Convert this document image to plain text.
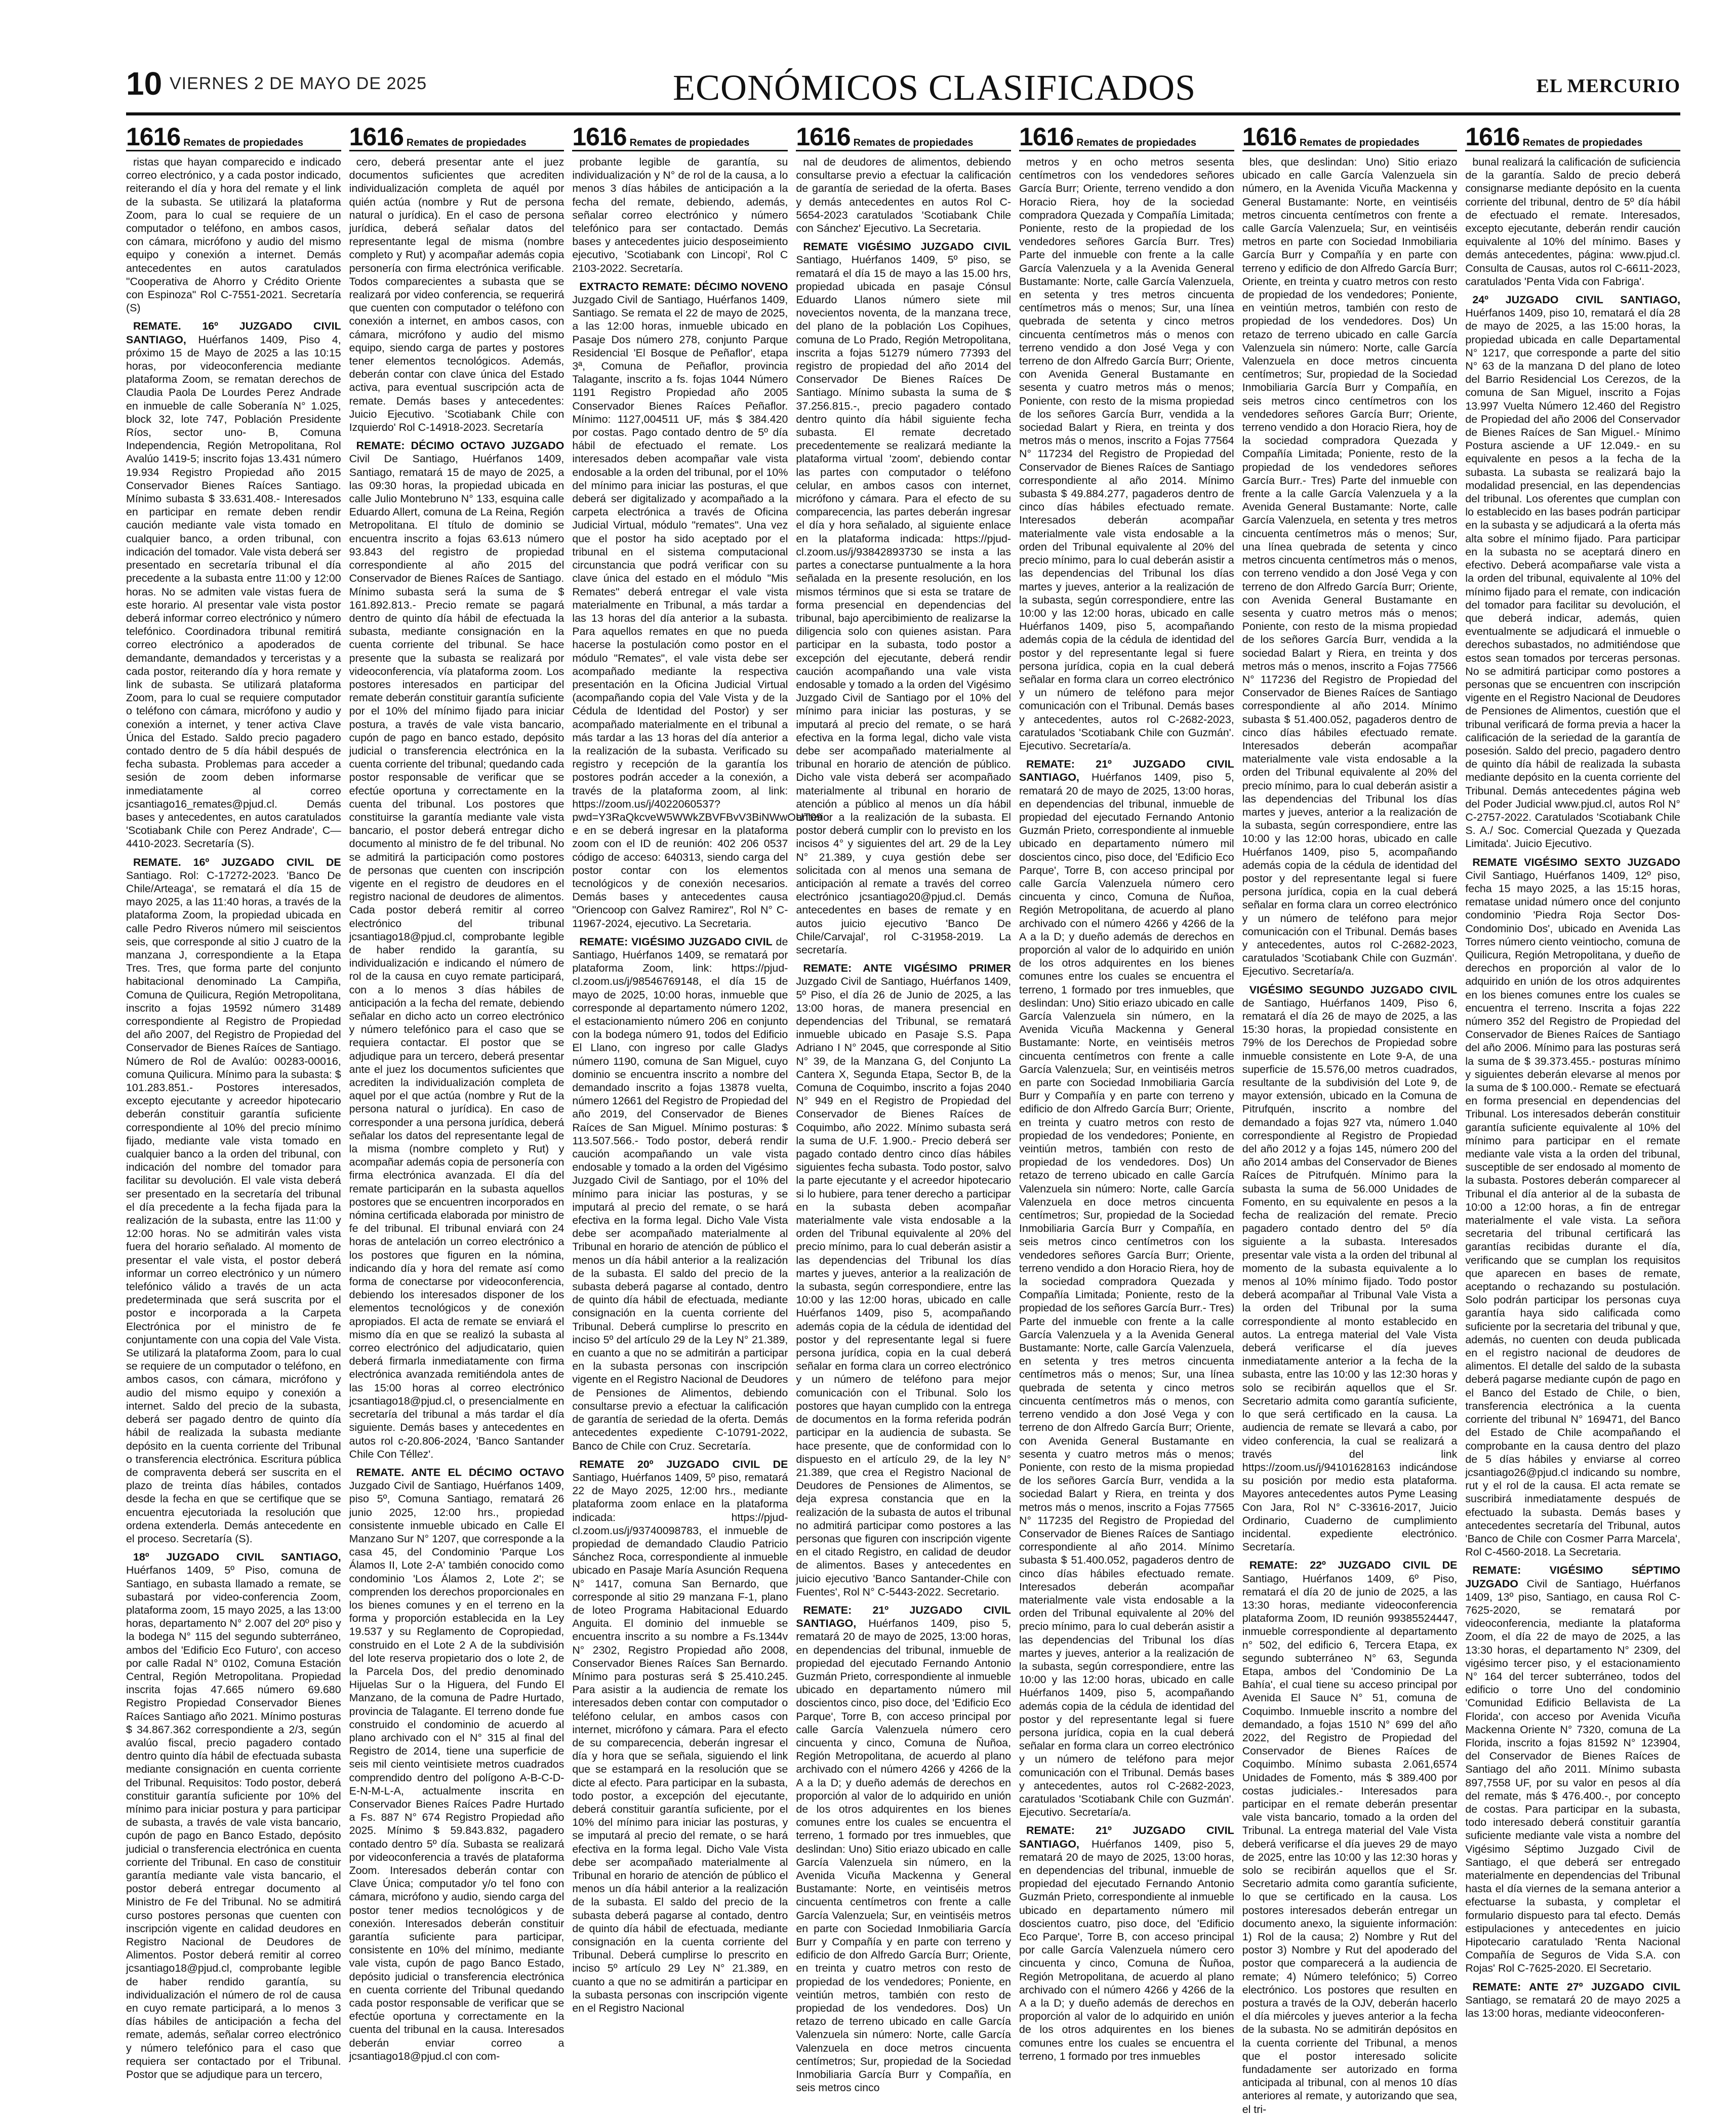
10 VIERNES 2 DE MAYO DE 2025	ECONÓMICOS CLASIFICADOS	EL MERCURIO
1616 Remates de propiedades

ristas que hayan comparecido e indicado correo electrónico, y a cada postor indicado, reiterando el día y hora del remate y el link de la subasta. Se utilizará la plataforma Zoom, para lo cual se requiere de un computador o teléfono, en ambos casos, con cámara, micrófono y audio del mismo equipo y conexión a internet. Demás antecedentes en autos caratulados "Cooperativa de Ahorro y Crédito Oriente con Espinoza" Rol C-7551-2021. Secretaría (S)

REMATE. 16º JUZGADO CIVIL SANTIAGO, Huérfanos 1409, Piso 4, próximo 15 de Mayo de 2025 a las 10:15 horas, por videoconferencia mediante plataforma Zoom, se rematan derechos de Claudia Paola De Lourdes Perez Andrade en inmueble de calle Soberanía N° 1.025, block 32, lote 747, Población Presidente Ríos, sector uno- B, Comuna Independencia, Región Metropolitana, Rol Avalúo 1419-5; inscrito fojas 13.431 número 19.934 Registro Propiedad año 2015 Conservador Bienes Raíces Santiago. Mínimo subasta $ 33.631.408.- Interesados en participar en remate deben rendir caución mediante vale vista tomado en cualquier banco, a orden tribunal, con indicación del tomador. Vale vista deberá ser presentado en secretaría tribunal el día precedente a la subasta entre 11:00 y 12:00 horas. No se admiten vale vistas fuera de este horario. Al presentar vale vista postor deberá informar correo electrónico y número telefónico. Coordinadora tribunal remitirá correo electrónico a apoderados de demandante, demandados y terceristas y a cada postor, reiterando día y hora remate y link de subasta. Se utilizará plataforma Zoom, para lo cual se requiere computador o teléfono con cámara, micrófono y audio y conexión a internet, y tener activa Clave Única del Estado. Saldo precio pagadero contado dentro de 5 día hábil después de fecha subasta. Problemas para acceder a sesión de zoom deben informarse inmediatamente al correo jcsantiago16_remates@pjud.cl. Demás bases y antecedentes, en autos caratulados 'Scotiabank Chile con Perez Andrade', C—4410-2023. Secretaría (S).

REMATE. 16º JUZGADO CIVIL DE Santiago. Rol: C-17272-2023. 'Banco De Chile/Arteaga', se rematará el día 15 de mayo 2025, a las 11:40 horas, a través de la plataforma Zoom, la propiedad ubicada en calle Pedro Riveros número mil seiscientos seis, que corresponde al sitio J cuatro de la manzana J, correspondiente a la Etapa Tres. Tres, que forma parte del conjunto habitacional denominado La Campiña, Comuna de Quilicura, Región Metropolitana, inscrito a fojas 19592 número 31489 correspondiente al Registro de Propiedad del año 2007, del Registro de Propiedad del Conservador de Bienes Raíces de Santiago. Número de Rol de Avalúo: 00283-00016, comuna Quilicura. Mínimo para la subasta: $ 101.283.851.- Postores interesados, excepto ejecutante y acreedor hipotecario deberán constituir garantía suficiente correspondiente al 10% del precio mínimo fijado, mediante vale vista tomado en cualquier banco a la orden del tribunal, con indicación del nombre del tomador para facilitar su devolución. El vale vista deberá ser presentado en la secretaría del tribunal el día precedente a la fecha fijada para la realización de la subasta, entre las 11:00 y 12:00 horas. No se admitirán vales vista fuera del horario señalado. Al momento de presentar el vale vista, el postor deberá informar un correo electrónico y un número telefónico válido a través de un acta predeterminada que será suscrita por el postor e incorporada a la Carpeta Electrónica por el ministro de fe conjuntamente con una copia del Vale Vista. Se utilizará la plataforma Zoom, para lo cual se requiere de un computador o teléfono, en ambos casos, con cámara, micrófono y audio del mismo equipo y conexión a internet. Saldo del precio de la subasta, deberá ser pagado dentro de quinto día hábil de realizada la subasta mediante depósito en la cuenta corriente del Tribunal o transferencia electrónica. Escritura pública de compraventa deberá ser suscrita en el plazo de treinta días hábiles, contados desde la fecha en que se certifique que se encuentra ejecutoriada la resolución que ordena extenderla. Demás antecedente en el proceso. Secretaría (S).

18º JUZGADO CIVIL SANTIAGO, Huérfanos 1409, 5º Piso, comuna de Santiago, en subasta llamado a remate, se subastará por video-conferencia Zoom, plataforma zoom, 15 mayo 2025, a las 13:00 horas, departamento N° 2.007 del 20º piso y la bodega N° 115 del segundo subterráneo, ambos del 'Edificio Eco Futuro', con acceso por calle Radal N° 0102, Comuna Estación Central, Región Metropolitana. Propiedad inscrita fojas 47.665 número 69.680 Registro Propiedad Conservador Bienes Raíces Santiago año 2021. Mínimo posturas $ 34.867.362 correspondiente a 2/3, según avalúo fiscal, precio pagadero contado dentro quinto día hábil de efectuada subasta mediante consignación en cuenta corriente del Tribunal. Requisitos: Todo postor, deberá constituir garantía suficiente por 10% del mínimo para iniciar postura y para participar de subasta, a través de vale vista bancario, cupón de pago en Banco Estado, depósito judicial o transferencia electrónica en cuenta corriente del Tribunal. En caso de constituir garantía mediante vale vista bancario, el postor deberá entregar documento al Ministro de Fe del Tribunal. No se admitirá curso postores personas que cuenten con inscripción vigente en calidad deudores en Registro Nacional de Deudores de Alimentos. Postor deberá remitir al correo jcsantiago18@pjud.cl, comprobante legible de haber rendido garantía, su individualización el número de rol de causa en cuyo remate participará, a lo menos 3 días hábiles de anticipación a fecha del remate, además, señalar correo electrónico y número telefónico para el caso que requiera ser contactado por el Tribunal. Postor que se adjudique para un tercero,

1616 Remates de propiedades

cero, deberá presentar ante el juez documentos suficientes que acrediten individualización completa de aquél por quién actúa (nombre y Rut de persona natural o jurídica). En el caso de persona jurídica, deberá señalar datos del representante legal de misma (nombre completo y Rut) y acompañar además copia personería con firma electrónica verificable. Todos comparecientes a subasta que se realizará por video conferencia, se requerirá que cuenten con computador o teléfono con conexión a internet, en ambos casos, con cámara, micrófono y audio del mismo equipo, siendo carga de partes y postores tener elementos tecnológicos. Además, deberán contar con clave única del Estado activa, para eventual suscripción acta de remate. Demás bases y antecedentes: Juicio Ejecutivo. 'Scotiabank Chile con Izquierdo' Rol C-14918-2023. Secretaría

REMATE: DÉCIMO OCTAVO JUZGADO Civil De Santiago, Huérfanos 1409, Santiago, rematará 15 de mayo de 2025, a las 09:30 horas, la propiedad ubicada en calle Julio Montebruno N° 133, esquina calle Eduardo Allert, comuna de La Reina, Región Metropolitana. El título de dominio se encuentra inscrito a fojas 63.613 número 93.843 del registro de propiedad correspondiente al año 2015 del Conservador de Bienes Raíces de Santiago. Mínimo subasta será la suma de $ 161.892.813.- Precio remate se pagará dentro de quinto día hábil de efectuada la subasta, mediante consignación en la cuenta corriente del tribunal. Se hace presente que la subasta se realizará por videoconferencia, vía plataforma zoom. Los postores interesados en participar del remate deberán constituir garantía suficiente por el 10% del mínimo fijado para iniciar postura, a través de vale vista bancario, cupón de pago en banco estado, depósito judicial o transferencia electrónica en la cuenta corriente del tribunal; quedando cada postor responsable de verificar que se efectúe oportuna y correctamente en la cuenta del tribunal. Los postores que constituirse la garantía mediante vale vista bancario, el postor deberá entregar dicho documento al ministro de fe del tribunal. No se admitirá la participación como postores de personas que cuenten con inscripción vigente en el registro de deudores en el registro nacional de deudores de alimentos. Cada postor deberá remitir al correo electrónico del tribunal jcsantiago18@pjud.cl, comprobante legible de haber rendido la garantía, su individualización e indicando el número de rol de la causa en cuyo remate participará, con a lo menos 3 días hábiles de anticipación a la fecha del remate, debiendo señalar en dicho acto un correo electrónico y número telefónico para el caso que se requiera contactar. El postor que se adjudique para un tercero, deberá presentar ante el juez los documentos suficientes que acrediten la individualización completa de aquel por el que actúa (nombre y Rut de la persona natural o jurídica). En caso de corresponder a una persona jurídica, deberá señalar los datos del representante legal de la misma (nombre completo y Rut) y acompañar además copia de personería con firma electrónica avanzada. El día del remate participarán en la subasta aquellos postores que se encuentren incorporados en nómina certificada elaborada por ministro de fe del tribunal. El tribunal enviará con 24 horas de antelación un correo electrónico a los postores que figuren en la nómina, indicando día y hora del remate así como forma de conectarse por videoconferencia, debiendo los interesados disponer de los elementos tecnológicos y de conexión apropiados. El acta de remate se enviará el mismo día en que se realizó la subasta al correo electrónico del adjudicatario, quien deberá firmarla inmediatamente con firma electrónica avanzada remitiéndola antes de las 15:00 horas al correo electrónico jcsantiago18@pjud.cl, o presencialmente en secretaría del tribunal a más tardar el día siguiente. Demás bases y antecedentes en autos rol c-20.806-2024, 'Banco Santander Chile Con Téllez'.

REMATE. ANTE EL DÉCIMO OCTAVO Juzgado Civil de Santiago, Huérfanos 1409, piso 5º, Comuna Santiago, rematará 26 junio 2025, 12:00 hrs., propiedad consistente inmueble ubicado en Calle El Manzano Sur N° 1207, que corresponde a la casa 45, del Condominio 'Parque Los Álamos II, Lote 2-A' también conocido como condominio 'Los Álamos 2, Lote 2'; se comprenden los derechos proporcionales en los bienes comunes y en el terreno en la forma y proporción establecida en la Ley 19.537 y su Reglamento de Copropiedad, construido en el Lote 2 A de la subdivisión del lote reserva propietario dos o lote 2, de la Parcela Dos, del predio denominado Hijuelas Sur o la Higuera, del Fundo El Manzano, de la comuna de Padre Hurtado, provincia de Talagante. El terreno donde fue construido el condominio de acuerdo al plano archivado con el N° 315 al final del Registro de 2014, tiene una superficie de seis mil ciento veintisiete metros cuadrados comprendido dentro del polígono A-B-C-D-E-N-M-L-A, actualmente inscrita en Conservador Bienes Raíces Padre Hurtado a Fs. 887 N° 674 Registro Propiedad año 2025. Mínimo $ 59.843.832, pagadero contado dentro 5º día. Subasta se realizará por videoconferencia a través de plataforma Zoom. Interesados deberán contar con Clave Única; computador y/o tel fono con cámara, micrófono y audio, siendo carga del postor tener medios tecnológicos y de conexión. Interesados deberán constituir garantía suficiente para participar, consistente en 10% del mínimo, mediante vale vista, cupón de pago Banco Estado, depósito judicial o transferencia electrónica en cuenta corriente del Tribunal quedando cada postor responsable de verificar que se efectúe oportuna y correctamente en la cuenta del tribunal en la causa. Interesados deberán enviar correo a jcsantiago18@pjud.cl con com-

1616 Remates de propiedades

probante legible de garantía, su individualización y N° de rol de la causa, a lo menos 3 días hábiles de anticipación a la fecha del remate, debiendo, además, señalar correo electrónico y número telefónico para ser contactado. Demás bases y antecedentes juicio desposeimiento ejecutivo, 'Scotiabank con Lincopi', Rol C 2103-2022. Secretaría.

EXTRACTO REMATE: DÉCIMO NOVENO Juzgado Civil de Santiago, Huérfanos 1409, Santiago. Se remata el 22 de mayo de 2025, a las 12:00 horas, inmueble ubicado en Pasaje Dos número 278, conjunto Parque Residencial 'El Bosque de Peñaflor', etapa 3ª, Comuna de Peñaflor, provincia Talagante, inscrito a fs. fojas 1044 Número 1191 Registro Propiedad año 2005 Conservador Bienes Raíces Peñaflor. Mínimo: 1127,004511 UF, más $ 384.420 por costas. Pago contado dentro de 5º día hábil de efectuado el remate. Los interesados deben acompañar vale vista endosable a la orden del tribunal, por el 10% del mínimo para iniciar las posturas, el que deberá ser digitalizado y acompañado a la carpeta electrónica a través de Oficina Judicial Virtual, módulo "remates". Una vez que el postor ha sido aceptado por el tribunal en el sistema computacional circunstancia que podrá verificar con su clave única del estado en el módulo "Mis Remates" deberá entregar el vale vista materialmente en Tribunal, a más tardar a las 13 horas del día anterior a la subasta. Para aquellos remates en que no pueda hacerse la postulación como postor en el módulo "Remates", el vale vista debe ser acompañado mediante la respectiva presentación en la Oficina Judicial Virtual (acompañando copia del Vale Vista y de la Cédula de Identidad del Postor) y ser acompañado materialmente en el tribunal a más tardar a las 13 horas del día anterior a la realización de la subasta. Verificado su registro y recepción de la garantía los postores podrán acceder a la conexión, a través de la plataforma zoom, al link: https://zoom.us/j/4022060537?pwd=Y3RaQkcveW5WWkZBVFBvV3BiNWwOUT09 e en se deberá ingresar en la plataforma zoom con el ID de reunión: 402 206 0537 código de acceso: 640313, siendo carga del postor contar con los elementos tecnológicos y de conexión necesarios. Demás bases y antecedentes causa "Oriencoop con Galvez Ramirez", Rol N° C-11967-2024, ejecutivo. La Secretaria.

REMATE: VIGÉSIMO JUZGADO CIVIL de Santiago, Huérfanos 1409, se rematará por plataforma Zoom, link: https://pjud-cl.zoom.us/j/98546769148, el día 15 de mayo de 2025, 10:00 horas, inmueble que corresponde al departamento número 1202, el estacionamiento número 206 en conjunto con la bodega número 91, todos del Edificio El Llano, con ingreso por calle Gladys número 1190, comuna de San Miguel, cuyo dominio se encuentra inscrito a nombre del demandado inscrito a fojas 13878 vuelta, número 12661 del Registro de Propiedad del año 2019, del Conservador de Bienes Raíces de San Miguel. Mínimo posturas: $ 113.507.566.- Todo postor, deberá rendir caución acompañando un vale vista endosable y tomado a la orden del Vigésimo Juzgado Civil de Santiago, por el 10% del mínimo para iniciar las posturas, y se imputará al precio del remate, o se hará efectiva en la forma legal. Dicho Vale Vista debe ser acompañado materialmente al Tribunal en horario de atención de público el menos un día hábil anterior a la realización de la subasta. El saldo del precio de la subasta deberá pagarse al contado, dentro de quinto día hábil de efectuada, mediante consignación en la cuenta corriente del Tribunal. Deberá cumplirse lo prescrito en inciso 5º del artículo 29 de la Ley N° 21.389, en cuanto a que no se admitirán a participar en la subasta personas con inscripción vigente en el Registro Nacional de Deudores de Pensiones de Alimentos, debiendo consultarse previo a efectuar la calificación de garantía de seriedad de la oferta. Demás antecedentes expediente C-10791-2022, Banco de Chile con Cruz. Secretaría.

REMATE 20º JUZGADO CIVIL DE Santiago, Huérfanos 1409, 5º piso, rematará 22 de Mayo 2025, 12:00 hrs., mediante plataforma zoom enlace en la plataforma indicada: https://pjud-cl.zoom.us/j/93740098783, el inmueble de propiedad de demandado Claudio Patricio Sánchez Roca, correspondiente al inmueble ubicado en Pasaje María Asunción Requena N° 1417, comuna San Bernardo, que corresponde al sitio 29 manzana F-1, plano de loteo Programa Habitacional Eduardo Anguita. El dominio del inmueble se encuentra inscrito a su nombre a Fs.1344v N° 2302, Registro Propiedad año 2008, Conservador Bienes Raíces San Bernardo. Mínimo para posturas será $ 25.410.245. Para asistir a la audiencia de remate los interesados deben contar con computador o teléfono celular, en ambos casos con internet, micrófono y cámara. Para el efecto de su comparecencia, deberán ingresar el día y hora que se señala, siguiendo el link que se estampará en la resolución que se dicte al efecto. Para participar en la subasta, todo postor, a excepción del ejecutante, deberá constituir garantía suficiente, por el 10% del mínimo para iniciar las posturas, y se imputará al precio del remate, o se hará efectiva en la forma legal. Dicho Vale Vista debe ser acompañado materialmente al Tribunal en horario de atención de público el menos un día hábil anterior a la realización de la subasta. El saldo del precio de la subasta deberá pagarse al contado, dentro de quinto día hábil de efectuada, mediante consignación en la cuenta corriente del Tribunal. Deberá cumplirse lo prescrito en inciso 5º artículo 29 Ley N° 21.389, en cuanto a que no se admitirán a participar en la subasta personas con inscripción vigente en el Registro Nacional

1616 Remates de propiedades

nal de deudores de alimentos, debiendo consultarse previo a efectuar la calificación de garantía de seriedad de la oferta. Bases y demás antecedentes en autos Rol C- 5654-2023 caratulados 'Scotiabank Chile con Sánchez' Ejecutivo. La Secretaria.

REMATE VIGÉSIMO JUZGADO CIVIL Santiago, Huérfanos 1409, 5º piso, se rematará el día 15 de mayo a las 15.00 hrs, propiedad ubicada en pasaje Cónsul Eduardo Llanos número siete mil novecientos noventa, de la manzana trece, del plano de la población Los Copihues, comuna de Lo Prado, Región Metropolitana, inscrita a fojas 51279 número 77393 del registro de propiedad del año 2014 del Conservador De Bienes Raíces De Santiago. Mínimo subasta la suma de $ 37.256.815.-, precio pagadero contado dentro quinto día hábil siguiente fecha subasta. El remate decretado precedentemente se realizará mediante la plataforma virtual 'zoom', debiendo contar las partes con computador o teléfono celular, en ambos casos con internet, micrófono y cámara. Para el efecto de su comparecencia, las partes deberán ingresar el día y hora señalado, al siguiente enlace en la plataforma indicada: https://pjud-cl.zoom.us/j/93842893730 se insta a las partes a conectarse puntualmente a la hora señalada en la presente resolución, en los mismos términos que si esta se tratare de forma presencial en dependencias del tribunal, bajo apercibimiento de realizarse la diligencia solo con quienes asistan. Para participar en la subasta, todo postor a excepción del ejecutante, deberá rendir caución acompañando una vale vista endosable y tomado a la orden del Vigésimo Juzgado Civil de Santiago por el 10% del mínimo para iniciar las posturas, y se imputará al precio del remate, o se hará efectiva en la forma legal, dicho vale vista debe ser acompañado materialmente al tribunal en horario de atención de público. Dicho vale vista deberá ser acompañado materialmente al tribunal en horario de atención a público al menos un día hábil anterior a la realización de la subasta. El postor deberá cumplir con lo previsto en los incisos 4° y siguientes del art. 29 de la Ley N° 21.389, y cuya gestión debe ser solicitada con al menos una semana de anticipación al remate a través del correo electrónico jcsantiago20@pjud.cl. Demás antecedentes en bases de remate y en autos juicio ejecutivo 'Banco De Chile/Carvajal', rol C-31958-2019. La secretaría.

REMATE: ANTE VIGÉSIMO PRIMER Juzgado Civil de Santiago, Huérfanos 1409, 5º Piso, el día 26 de Junio de 2025, a las 13:00 horas, de manera presencial en dependencias del Tribunal, se rematará inmueble ubicado en Pasaje S.S. Papa Adriano I N° 2045, que corresponde al Sitio N° 39, de la Manzana G, del Conjunto La Cantera X, Segunda Etapa, Sector B, de la Comuna de Coquimbo, inscrito a fojas 2040 N° 949 en el Registro de Propiedad del Conservador de Bienes Raíces de Coquimbo, año 2022. Mínimo subasta será la suma de U.F. 1.900.- Precio deberá ser pagado contado dentro cinco días hábiles siguientes fecha subasta. Todo postor, salvo la parte ejecutante y el acreedor hipotecario si lo hubiere, para tener derecho a participar en la subasta deben acompañar materialmente vale vista endosable a la orden del Tribunal equivalente al 20% del precio mínimo, para lo cual deberán asistir a las dependencias del Tribunal los días martes y jueves, anterior a la realización de la subasta, según correspondiere, entre las 10:00 y las 12:00 horas, ubicado en calle Huérfanos 1409, piso 5, acompañando además copia de la cédula de identidad del postor y del representante legal si fuere persona jurídica, copia en la cual deberá señalar en forma clara un correo electrónico y un número de teléfono para mejor comunicación con el Tribunal. Solo los postores que hayan cumplido con la entrega de documentos en la forma referida podrán participar en la audiencia de subasta. Se hace presente, que de conformidad con lo dispuesto en el artículo 29, de la ley N° 21.389, que crea el Registro Nacional de Deudores de Pensiones de Alimentos, se deja expresa constancia que en la realización de la subasta de autos el tribunal no admitirá participar como postores a las personas que figuren con inscripción vigente en el citado Registro, en calidad de deudor de alimentos. Bases y antecedentes en juicio ejecutivo 'Banco Santander-Chile con Fuentes', Rol N° C-5443-2022. Secretario.

REMATE: 21º JUZGADO CIVIL SANTIAGO, Huérfanos 1409, piso 5, rematará 20 de mayo de 2025, 13:00 horas, en dependencias del tribunal, inmueble de propiedad del ejecutado Fernando Antonio Guzmán Prieto, correspondiente al inmueble ubicado en departamento número mil doscientos cinco, piso doce, del 'Edificio Eco Parque', Torre B, con acceso principal por calle García Valenzuela número cero cincuenta y cinco, Comuna de Ñuñoa, Región Metropolitana, de acuerdo al plano archivado con el número 4266 y 4266 de la A a la D; y dueño además de derechos en proporción al valor de lo adquirido en unión de los otros adquirentes en los bienes comunes entre los cuales se encuentra el terreno, 1 formado por tres inmuebles, que deslindan: Uno) Sitio eriazo ubicado en calle García Valenzuela sin número, en la Avenida Vicuña Mackenna y General Bustamante: Norte, en veintiséis metros cincuenta centímetros con frente a calle García Valenzuela; Sur, en veintiséis metros en parte con Sociedad Inmobiliaria García Burr y Compañía y en parte con terreno y edificio de don Alfredo García Burr; Oriente, en treinta y cuatro metros con resto de propiedad de los vendedores; Poniente, en veintiún metros, también con resto de propiedad de los vendedores. Dos) Un retazo de terreno ubicado en calle García Valenzuela sin número: Norte, calle García Valenzuela en doce metros cincuenta centímetros; Sur, propiedad de la Sociedad Inmobiliaria García Burr y Compañía, en seis metros cinco

1616 Remates de propiedades

metros y en ocho metros sesenta centímetros con los vendedores señores García Burr; Oriente, terreno vendido a don Horacio Riera, hoy de la sociedad compradora Quezada y Compañía Limitada; Poniente, resto de la propiedad de los vendedores señores García Burr. Tres) Parte del inmueble con frente a la calle García Valenzuela y a la Avenida General Bustamante: Norte, calle García Valenzuela, en setenta y tres metros cincuenta centímetros más o menos; Sur, una línea quebrada de setenta y cinco metros cincuenta centímetros más o menos con terreno vendido a don José Vega y con terreno de don Alfredo García Burr; Oriente, con Avenida General Bustamante en sesenta y cuatro metros más o menos; Poniente, con resto de la misma propiedad de los señores García Burr, vendida a la sociedad Balart y Riera, en treinta y dos metros más o menos, inscrito a Fojas 77564 N° 117234 del Registro de Propiedad del Conservador de Bienes Raíces de Santiago correspondiente al año 2014. Mínimo subasta $ 49.884.277, pagaderos dentro de cinco días hábiles efectuado remate. Interesados deberán acompañar materialmente vale vista endosable a la orden del Tribunal equivalente al 20% del precio mínimo, para lo cual deberán asistir a las dependencias del Tribunal los días martes y jueves, anterior a la realización de la subasta, según correspondiere, entre las 10:00 y las 12:00 horas, ubicado en calle Huérfanos 1409, piso 5, acompañando además copia de la cédula de identidad del postor y del representante legal si fuere persona jurídica, copia en la cual deberá señalar en forma clara un correo electrónico y un número de teléfono para mejor comunicación con el Tribunal. Demás bases y antecedentes, autos rol C-2682-2023, caratulados 'Scotiabank Chile con Guzmán'. Ejecutivo. Secretaría/a.

REMATE: 21º JUZGADO CIVIL SANTIAGO, Huérfanos 1409, piso 5, rematará 20 de mayo de 2025, 13:00 horas, en dependencias del tribunal, inmueble de propiedad del ejecutado Fernando Antonio Guzmán Prieto, correspondiente al inmueble ubicado en departamento número mil doscientos cinco, piso doce, del 'Edificio Eco Parque', Torre B, con acceso principal por calle García Valenzuela número cero cincuenta y cinco, Comuna de Ñuñoa, Región Metropolitana, de acuerdo al plano archivado con el número 4266 y 4266 de la A a la D; y dueño además de derechos en proporción al valor de lo adquirido en unión de los otros adquirentes en los bienes comunes entre los cuales se encuentra el terreno, 1 formado por tres inmuebles, que deslindan: Uno) Sitio eriazo ubicado en calle García Valenzuela sin número, en la Avenida Vicuña Mackenna y General Bustamante: Norte, en veintiséis metros cincuenta centímetros con frente a calle García Valenzuela; Sur, en veintiséis metros en parte con Sociedad Inmobiliaria García Burr y Compañía y en parte con terreno y edificio de don Alfredo García Burr; Oriente, en treinta y cuatro metros con resto de propiedad de los vendedores; Poniente, en veintiún metros, también con resto de propiedad de los vendedores. Dos) Un retazo de terreno ubicado en calle García Valenzuela sin número: Norte, calle García Valenzuela en doce metros cincuenta centímetros; Sur, propiedad de la Sociedad Inmobiliaria García Burr y Compañía, en seis metros cinco centímetros con los vendedores señores García Burr; Oriente, terreno vendido a don Horacio Riera, hoy de la sociedad compradora Quezada y Compañía Limitada; Poniente, resto de la propiedad de los señores García Burr.- Tres) Parte del inmueble con frente a la calle García Valenzuela y a la Avenida General Bustamante: Norte, calle García Valenzuela, en setenta y tres metros cincuenta centímetros más o menos; Sur, una línea quebrada de setenta y cinco metros cincuenta centímetros más o menos, con terreno vendido a don José Vega y con terreno de don Alfredo García Burr; Oriente, con Avenida General Bustamante en sesenta y cuatro metros más o menos; Poniente, con resto de la misma propiedad de los señores García Burr, vendida a la sociedad Balart y Riera, en treinta y dos metros más o menos, inscrito a Fojas 77565 N° 117235 del Registro de Propiedad del Conservador de Bienes Raíces de Santiago correspondiente al año 2014. Mínimo subasta $ 51.400.052, pagaderos dentro de cinco días hábiles efectuado remate. Interesados deberán acompañar materialmente vale vista endosable a la orden del Tribunal equivalente al 20% del precio mínimo, para lo cual deberán asistir a las dependencias del Tribunal los días martes y jueves, anterior a la realización de la subasta, según correspondiere, entre las 10:00 y las 12:00 horas, ubicado en calle Huérfanos 1409, piso 5, acompañando además copia de la cédula de identidad del postor y del representante legal si fuere persona jurídica, copia en la cual deberá señalar en forma clara un correo electrónico y un número de teléfono para mejor comunicación con el Tribunal. Demás bases y antecedentes, autos rol C-2682-2023, caratulados 'Scotiabank Chile con Guzmán'. Ejecutivo. Secretaría/a.

REMATE: 21º JUZGADO CIVIL SANTIAGO, Huérfanos 1409, piso 5, rematará 20 de mayo de 2025, 13:00 horas, en dependencias del tribunal, inmueble de propiedad del ejecutado Fernando Antonio Guzmán Prieto, correspondiente al inmueble ubicado en departamento número mil doscientos cuatro, piso doce, del 'Edificio Eco Parque', Torre B, con acceso principal por calle García Valenzuela número cero cincuenta y cinco, Comuna de Ñuñoa, Región Metropolitana, de acuerdo al plano archivado con el número 4266 y 4266 de la A a la D; y dueño además de derechos en proporción al valor de lo adquirido en unión de los otros adquirentes en los bienes comunes entre los cuales se encuentra el terreno, 1 formado por tres inmuebles

1616 Remates de propiedades

bles, que deslindan: Uno) Sitio eriazo ubicado en calle García Valenzuela sin número, en la Avenida Vicuña Mackenna y General Bustamante: Norte, en veintiséis metros cincuenta centímetros con frente a calle García Valenzuela; Sur, en veintiséis metros en parte con Sociedad Inmobiliaria García Burr y Compañía y en parte con terreno y edificio de don Alfredo García Burr; Oriente, en treinta y cuatro metros con resto de propiedad de los vendedores; Poniente, en veintiún metros, también con resto de propiedad de los vendedores. Dos) Un retazo de terreno ubicado en calle García Valenzuela sin número: Norte, calle García Valenzuela en doce metros cincuenta centímetros; Sur, propiedad de la Sociedad Inmobiliaria García Burr y Compañía, en seis metros cinco centímetros con los vendedores señores García Burr; Oriente, terreno vendido a don Horacio Riera, hoy de la sociedad compradora Quezada y Compañía Limitada; Poniente, resto de la propiedad de los vendedores señores García Burr.- Tres) Parte del inmueble con frente a la calle García Valenzuela y a la Avenida General Bustamante: Norte, calle García Valenzuela, en setenta y tres metros cincuenta centímetros más o menos; Sur, una línea quebrada de setenta y cinco metros cincuenta centímetros más o menos, con terreno vendido a don José Vega y con terreno de don Alfredo García Burr; Oriente, con Avenida General Bustamante en sesenta y cuatro metros más o menos; Poniente, con resto de la misma propiedad de los señores García Burr, vendida a la sociedad Balart y Riera, en treinta y dos metros más o menos, inscrito a Fojas 77566 N° 117236 del Registro de Propiedad del Conservador de Bienes Raíces de Santiago correspondiente al año 2014. Mínimo subasta $ 51.400.052, pagaderos dentro de cinco días hábiles efectuado remate. Interesados deberán acompañar materialmente vale vista endosable a la orden del Tribunal equivalente al 20% del precio mínimo, para lo cual deberán asistir a las dependencias del Tribunal los días martes y jueves, anterior a la realización de la subasta, según correspondiere, entre las 10:00 y las 12:00 horas, ubicado en calle Huérfanos 1409, piso 5, acompañando además copia de la cédula de identidad del postor y del representante legal si fuere persona jurídica, copia en la cual deberá señalar en forma clara un correo electrónico y un número de teléfono para mejor comunicación con el Tribunal. Demás bases y antecedentes, autos rol C-2682-2023, caratulados 'Scotiabank Chile con Guzmán'. Ejecutivo. Secretaría/a.

VIGÉSIMO SEGUNDO JUZGADO CIVIL de Santiago, Huérfanos 1409, Piso 6, rematará el día 26 de mayo de 2025, a las 15:30 horas, la propiedad consistente en 79% de los Derechos de Propiedad sobre inmueble consistente en Lote 9-A, de una superficie de 15.576,00 metros cuadrados, resultante de la subdivisión del Lote 9, de mayor extensión, ubicado en la Comuna de Pitrufquén, inscrito a nombre del demandado a fojas 927 vta, número 1.040 correspondiente al Registro de Propiedad del año 2012 y a fojas 145, número 200 del año 2014 ambas del Conservador de Bienes Raíces de Pitrufquén. Mínimo para la subasta la suma de 56.000 Unidades de Fomento, en su equivalente en pesos a la fecha de realización del remate. Precio pagadero contado dentro del 5º día siguiente a la subasta. Interesados presentar vale vista a la orden del tribunal al momento de la subasta equivalente a lo menos al 10% mínimo fijado. Todo postor deberá acompañar al Tribunal Vale Vista a la orden del Tribunal por la suma correspondiente al monto establecido en autos. La entrega material del Vale Vista deberá verificarse el día jueves inmediatamente anterior a la fecha de la subasta, entre las 10:00 y las 12:30 horas y solo se recibirán aquellos que el Sr. Secretario admita como garantía suficiente, lo que será certificado en la causa. La audiencia de remate se llevará a cabo, por video conferencia, la cual se realizará a través del link https://zoom.us/j/94101628163 indicándose su posición por medio esta plataforma. Mayores antecedentes autos Pyme Leasing Con Jara, Rol N° C-33616-2017, Juicio Ordinario, Cuaderno de cumplimiento incidental. expediente electrónico. Secretaría.

REMATE: 22º JUZGADO CIVIL DE Santiago, Huérfanos 1409, 6º Piso, rematará el día 20 de junio de 2025, a las 13:30 horas, mediante videoconferencia plataforma Zoom, ID reunión 99385524447, inmueble correspondiente al departamento n° 502, del edificio 6, Tercera Etapa, ex segundo subterráneo N° 63, Segunda Etapa, ambos del 'Condominio De La Bahía', el cual tiene su acceso principal por Avenida El Sauce N° 51, comuna de Coquimbo. Inmueble inscrito a nombre del demandado, a fojas 1510 N° 699 del año 2022, del Registro de Propiedad del Conservador de Bienes Raíces de Coquimbo. Mínimo subasta 2.061,6574 Unidades de Fomento, más $ 389.400 por costas judiciales.- Interesados para participar en el remate deberán presentar vale vista bancario, tomado a la orden del Tribunal. La entrega material del Vale Vista deberá verificarse el día jueves 29 de mayo de 2025, entre las 10:00 y las 12:30 horas y solo se recibirán aquellos que el Sr. Secretario admita como garantía suficiente, lo que se certificado en la causa. Los postores interesados deberán entregar un documento anexo, la siguiente información: 1) Rol de la causa; 2) Nombre y Rut del postor 3) Nombre y Rut del apoderado del postor que comparecerá a la audiencia de remate; 4) Número telefónico; 5) Correo electrónico. Los postores que resulten en postura a través de la OJV, deberán hacerlo el día miércoles y jueves anterior a la fecha de la subasta. No se admitirán depósitos en la cuenta corriente del Tribunal, a menos que el postor interesado solicite fundadamente ser autorizado en forma anticipada al tribunal, con al menos 10 días anteriores al remate, y autorizando que sea, el tri-

1616 Remates de propiedades

bunal realizará la calificación de suficiencia de la garantía. Saldo de precio deberá consignarse mediante depósito en la cuenta corriente del tribunal, dentro de 5º día hábil de efectuado el remate. Interesados, excepto ejecutante, deberán rendir caución equivalente al 10% del mínimo. Bases y demás antecedentes, página: www.pjud.cl. Consulta de Causas, autos rol C-6611-2023, caratulados 'Penta Vida con Fabriga'.

24º JUZGADO CIVIL SANTIAGO, Huérfanos 1409, piso 10, rematará el día 28 de mayo de 2025, a las 15:00 horas, la propiedad ubicada en calle Departamental N° 1217, que corresponde a parte del sitio N° 63 de la manzana D del plano de loteo del Barrio Residencial Los Cerezos, de la comuna de San Miguel, inscrito a Fojas 13.997 Vuelta Número 12.460 del Registro de Propiedad del año 2006 del Conservador de Bienes Raíces de San Miguel.- Mínimo Postura asciende a UF 12.049.- en su equivalente en pesos a la fecha de la subasta. La subasta se realizará bajo la modalidad presencial, en las dependencias del tribunal. Los oferentes que cumplan con lo establecido en las bases podrán participar en la subasta y se adjudicará a la oferta más alta sobre el mínimo fijado. Para participar en la subasta no se aceptará dinero en efectivo. Deberá acompañarse vale vista a la orden del tribunal, equivalente al 10% del mínimo fijado para el remate, con indicación del tomador para facilitar su devolución, el que deberá indicar, además, quien eventualmente se adjudicará el inmueble o derechos subastados, no admitiéndose que estos sean tomados por terceras personas. No se admitirá participar como postores a personas que se encuentren con inscripción vigente en el Registro Nacional de Deudores de Pensiones de Alimentos, cuestión que el tribunal verificará de forma previa a hacer la calificación de la seriedad de la garantía de posesión. Saldo del precio, pagadero dentro de quinto día hábil de realizada la subasta mediante depósito en la cuenta corriente del Tribunal. Demás antecedentes página web del Poder Judicial www.pjud.cl, autos Rol N° C-2757-2022. Caratulados 'Scotiabank Chile S. A./ Soc. Comercial Quezada y Quezada Limitada'. Juicio Ejecutivo.

REMATE VIGÉSIMO SEXTO JUZGADO Civil Santiago, Huérfanos 1409, 12º piso, fecha 15 mayo 2025, a las 15:15 horas, rematase unidad número once del conjunto condominio 'Piedra Roja Sector Dos-Condominio Dos', ubicado en Avenida Las Torres número ciento veintiocho, comuna de Quilicura, Región Metropolitana, y dueño de derechos en proporción al valor de lo adquirido en unión de los otros adquirentes en los bienes comunes entre los cuales se encuentra el terreno. Inscrita a fojas 222 número 352 del Registro de Propiedad del Conservador de Bienes Raíces de Santiago del año 2006. Mínimo para las posturas será la suma de $ 39.373.455.- posturas mínimo y siguientes deberán elevarse al menos por la suma de $ 100.000.- Remate se efectuará en forma presencial en dependencias del Tribunal. Los interesados deberán constituir garantía suficiente equivalente al 10% del mínimo para participar en el remate mediante vale vista a la orden del tribunal, susceptible de ser endosado al momento de la subasta. Postores deberán comparecer al Tribunal el día anterior al de la subasta de 10:00 a 12:00 horas, a fin de entregar materialmente el vale vista. La señora secretaria del tribunal certificará las garantías recibidas durante el día, verificando que se cumplan los requisitos que aparecen en bases de remate, aceptando o rechazando su postulación. Solo podrán participar los personas cuya garantía haya sido calificada como suficiente por la secretaria del tribunal y que, además, no cuenten con deuda publicada en el registro nacional de deudores de alimentos. El detalle del saldo de la subasta deberá pagarse mediante cupón de pago en el Banco del Estado de Chile, o bien, transferencia electrónica a la cuenta corriente del tribunal N° 169471, del Banco del Estado de Chile acompañando el comprobante en la causa dentro del plazo de 5 días hábiles y enviarse al correo jcsantiago26@pjud.cl indicando su nombre, rut y el rol de la causa. El acta remate se suscribirá inmediatamente después de efectuado la subasta. Demás bases y antecedentes secretaría del Tribunal, autos 'Banco de Chile con Cosmer Parra Marcela', Rol C-4560-2018. La Secretaria.

REMATE: VIGÉSIMO SÉPTIMO JUZGADO Civil de Santiago, Huérfanos 1409, 13º piso, Santiago, en causa Rol C-7625-2020, se rematará por videoconferencia, mediante la plataforma Zoom, el día 22 de mayo de 2025, a las 13:30 horas, el departamento N° 2309, del vigésimo tercer piso, y el estacionamiento N° 164 del tercer subterráneo, todos del edificio o torre Uno del condominio 'Comunidad Edificio Bellavista de La Florida', con acceso por Avenida Vicuña Mackenna Oriente N° 7320, comuna de La Florida, inscrito a fojas 81592 N° 123904, del Conservador de Bienes Raíces de Santiago del año 2011. Mínimo subasta 897,7558 UF, por su valor en pesos al día del remate, más $ 476.400.-, por concepto de costas. Para participar en la subasta, todo interesado deberá constituir garantía suficiente mediante vale vista a nombre del Vigésimo Séptimo Juzgado Civil de Santiago, el que deberá ser entregado materialmente en dependencias del Tribunal hasta el día viernes de la semana anterior a efectuarse la subasta, y completar el formulario dispuesto para tal efecto. Demás estipulaciones y antecedentes en juicio Hipotecario caratulado 'Renta Nacional Compañía de Seguros de Vida S.A. con Rojas' Rol C-7625-2020. El Secretario.

REMATE: ANTE 27º JUZGADO CIVIL Santiago, se rematará 20 de mayo 2025 a las 13:00 horas, mediante videoconferen-
